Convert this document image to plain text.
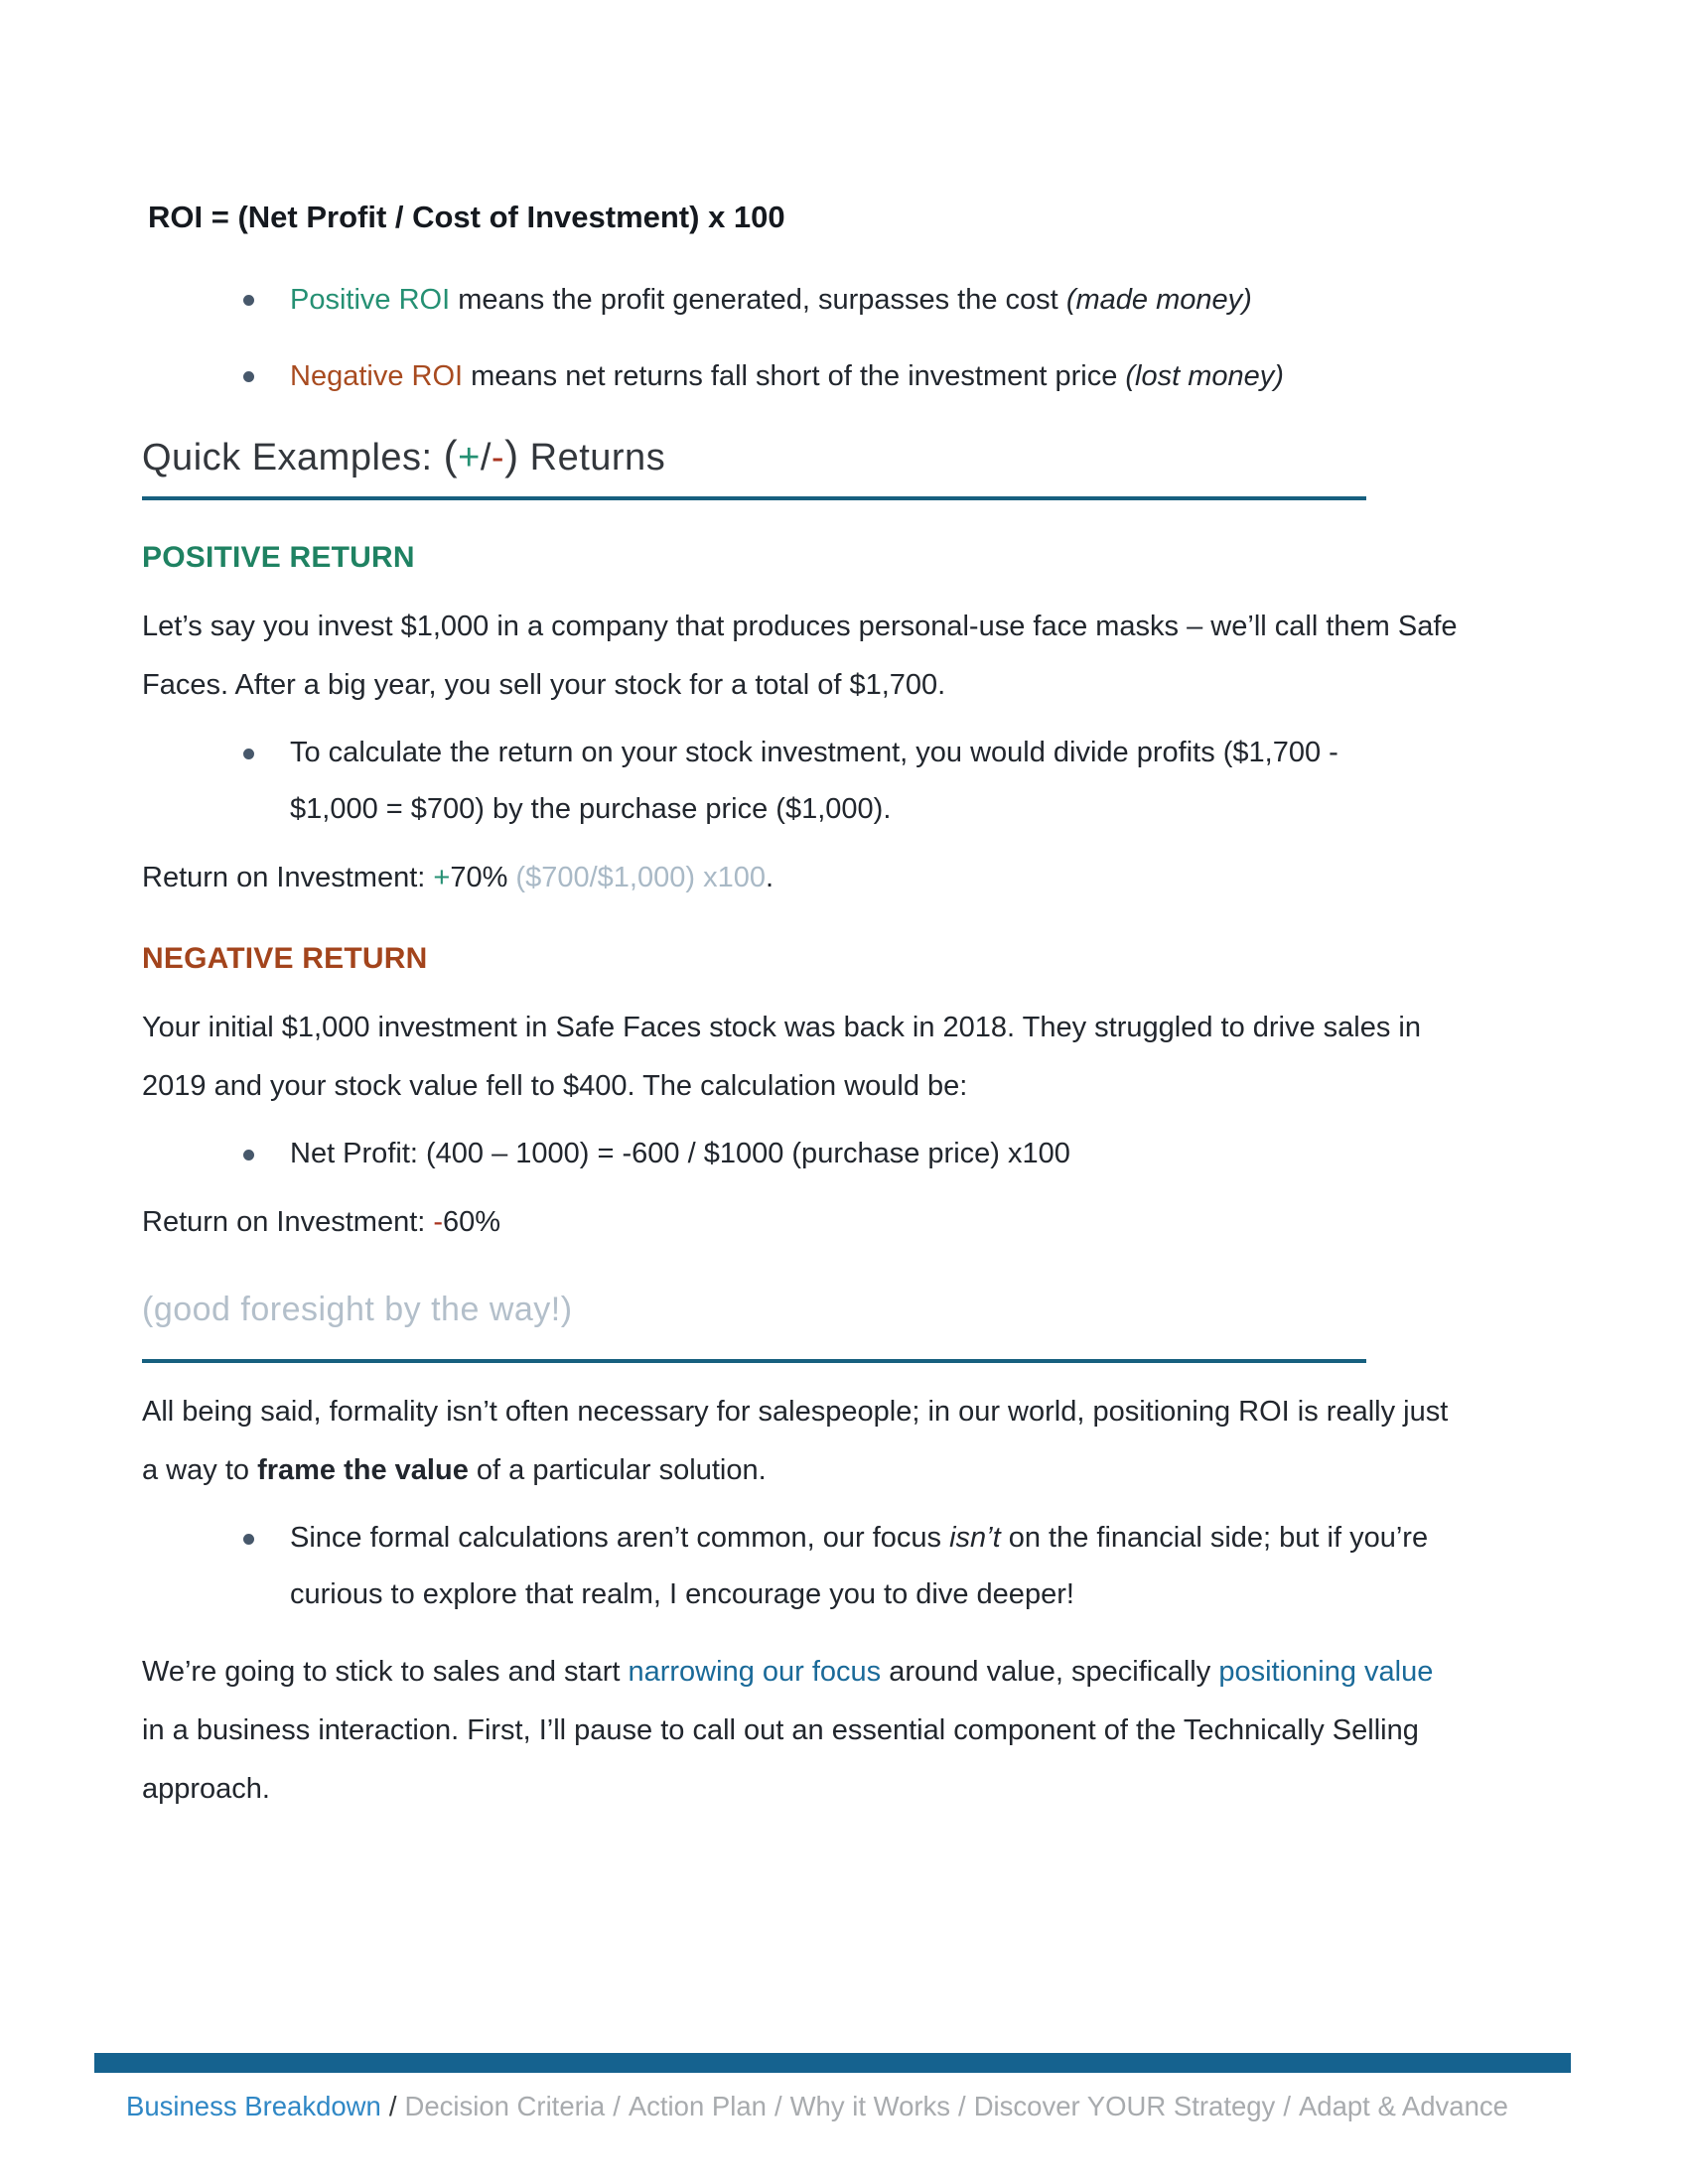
ROI = (Net Profit / Cost of Investment) x 100
Positive ROI means the profit generated, surpasses the cost (made money)
Negative ROI means net returns fall short of the investment price (lost money)
Quick Examples: (+/-) Returns
POSITIVE RETURN

Let’s say you invest $1,000 in a company that produces personal-use face masks – we’ll call them Safe Faces. After a big year, you sell your stock for a total of $1,700.

To calculate the return on your stock investment, you would divide profits ($1,700 - $1,000 = $700) by the purchase price ($1,000).

Return on Investment: +70% ($700/$1,000) x100.

NEGATIVE RETURN

Your initial $1,000 investment in Safe Faces stock was back in 2018. They struggled to drive sales in 2019 and your stock value fell to $400. The calculation would be:

Net Profit: (400 – 1000) = -600 / $1000 (purchase price) x100

Return on Investment: -60%

(good foresight by the way!)

All being said, formality isn’t often necessary for salespeople; in our world, positioning ROI is really just a way to frame the value of a particular solution.

Since formal calculations aren’t common, our focus isn’t on the financial side; but if you’re curious to explore that realm, I encourage you to dive deeper!

We’re going to stick to sales and start narrowing our focus around value, specifically positioning value in a business interaction. First, I’ll pause to call out an essential component of the Technically Selling approach.

Business Breakdown / Decision Criteria / Action Plan / Why it Works / Discover YOUR Strategy / Adapt & Advance
